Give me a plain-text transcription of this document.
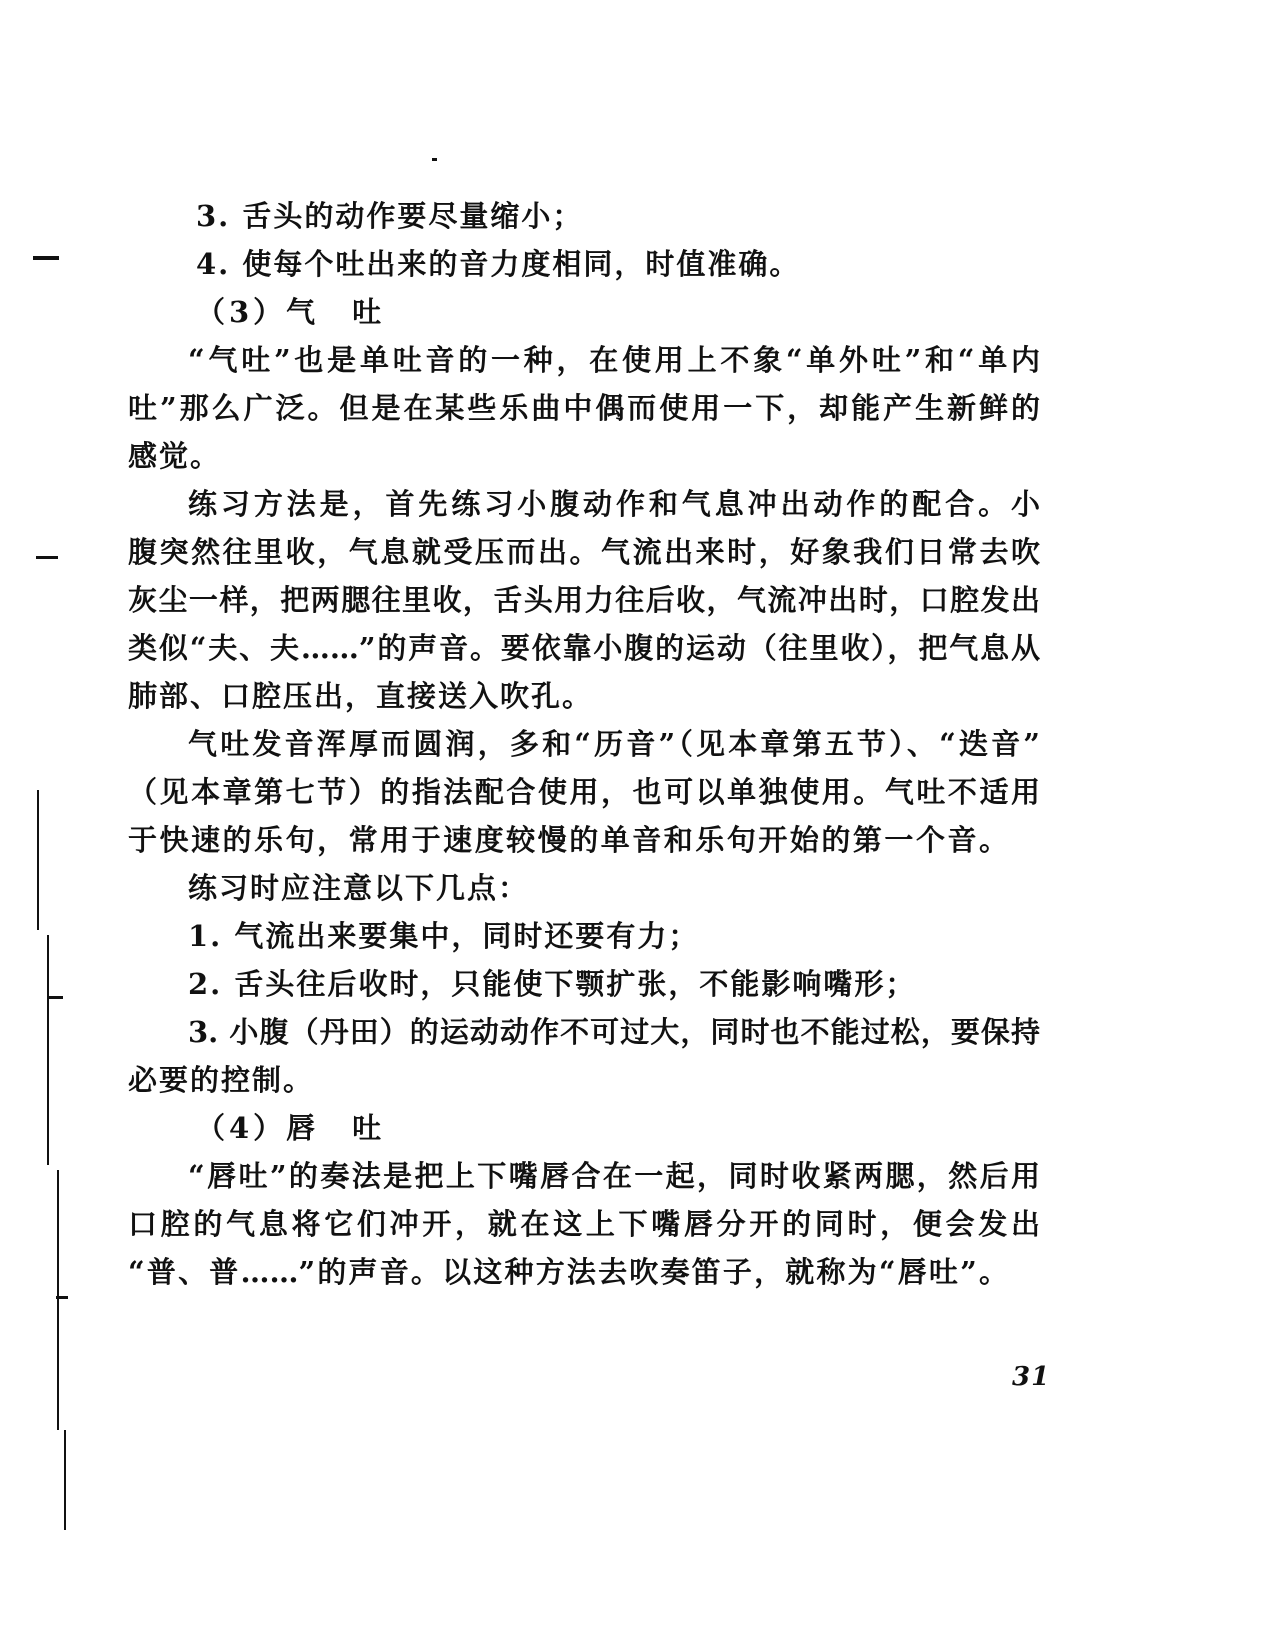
3. 舌头的动作要尽量缩小；
4. 使每个吐出来的音力度相同，时值准确。
（3）气　吐
“气吐”也是单吐音的一种，在使用上不象“单外吐”和“单内
吐”那么广泛。但是在某些乐曲中偶而使用一下，却能产生新鲜的
感觉。
练习方法是，首先练习小腹动作和气息冲出动作的配合。小
腹突然往里收，气息就受压而出。气流出来时，好象我们日常去吹
灰尘一样，把两腮往里收，舌头用力往后收，气流冲出时，口腔发出
类似“夫、夫……”的声音。要依靠小腹的运动（往里收），把气息从
肺部、口腔压出，直接送入吹孔。
气吐发音浑厚而圆润，多和“历音”（见本章第五节）、“迭音”
（见本章第七节）的指法配合使用，也可以单独使用。气吐不适用
于快速的乐句，常用于速度较慢的单音和乐句开始的第一个音。
练习时应注意以下几点：
1. 气流出来要集中，同时还要有力；
2. 舌头往后收时，只能使下颚扩张，不能影响嘴形；
3. 小腹（丹田）的运动动作不可过大，同时也不能过松，要保持
必要的控制。
（4）唇　吐
“唇吐”的奏法是把上下嘴唇合在一起，同时收紧两腮，然后用
口腔的气息将它们冲开，就在这上下嘴唇分开的同时，便会发出
“普、普……”的声音。以这种方法去吹奏笛子，就称为“唇吐”。
31
